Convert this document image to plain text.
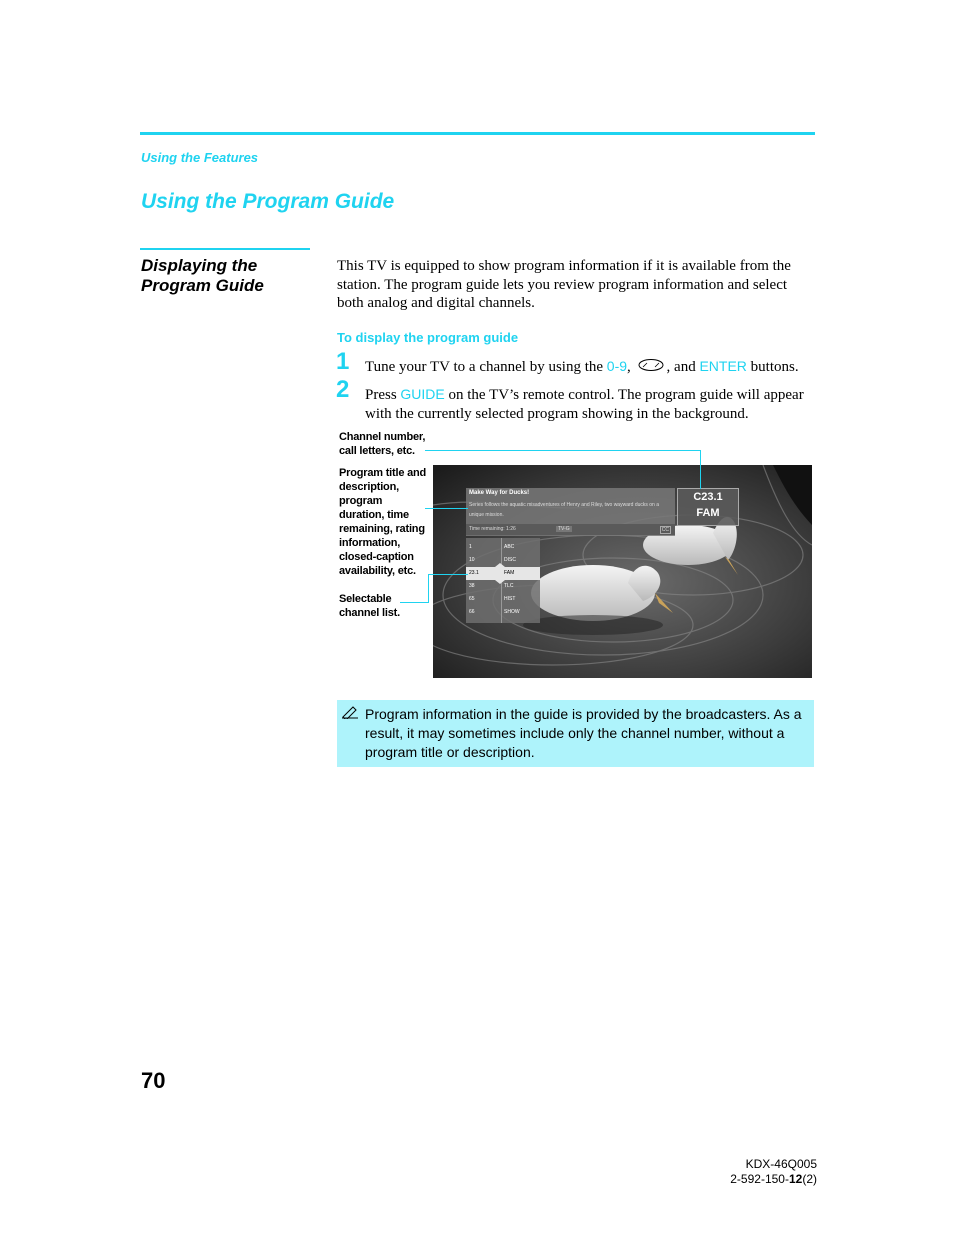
Using the Features
Using the Program Guide
Displaying the
Program Guide
This TV is equipped to show program information if it is available from the station. The program guide lets you review program information and select both analog and digital channels.
To display the program guide
1 Tune your TV to a channel by using the 0-9, , and ENTER buttons.
2 Press GUIDE on the TV’s remote control. The program guide will appear with the currently selected program showing in the background.
Channel number,
call letters, etc.
Program title and
description,
program
duration, time
remaining, rating
information,
closed-caption
availability, etc.
Selectable
channel list.
Make Way for Ducks!
Series follows the aquatic misadventures of Henry and Riley, two wayward ducks on a unique mission.
Time remaining: 1:26	TV-G	CC
C23.1
FAM
1	ABC
10	DISC
23.1	FAM
38	TLC
65	HIST
66	SHOW
Program information in the guide is provided by the broadcasters. As a result, it may sometimes include only the channel number, without a program title or description.
70
KDX-46Q005
2-592-150-12(2)
